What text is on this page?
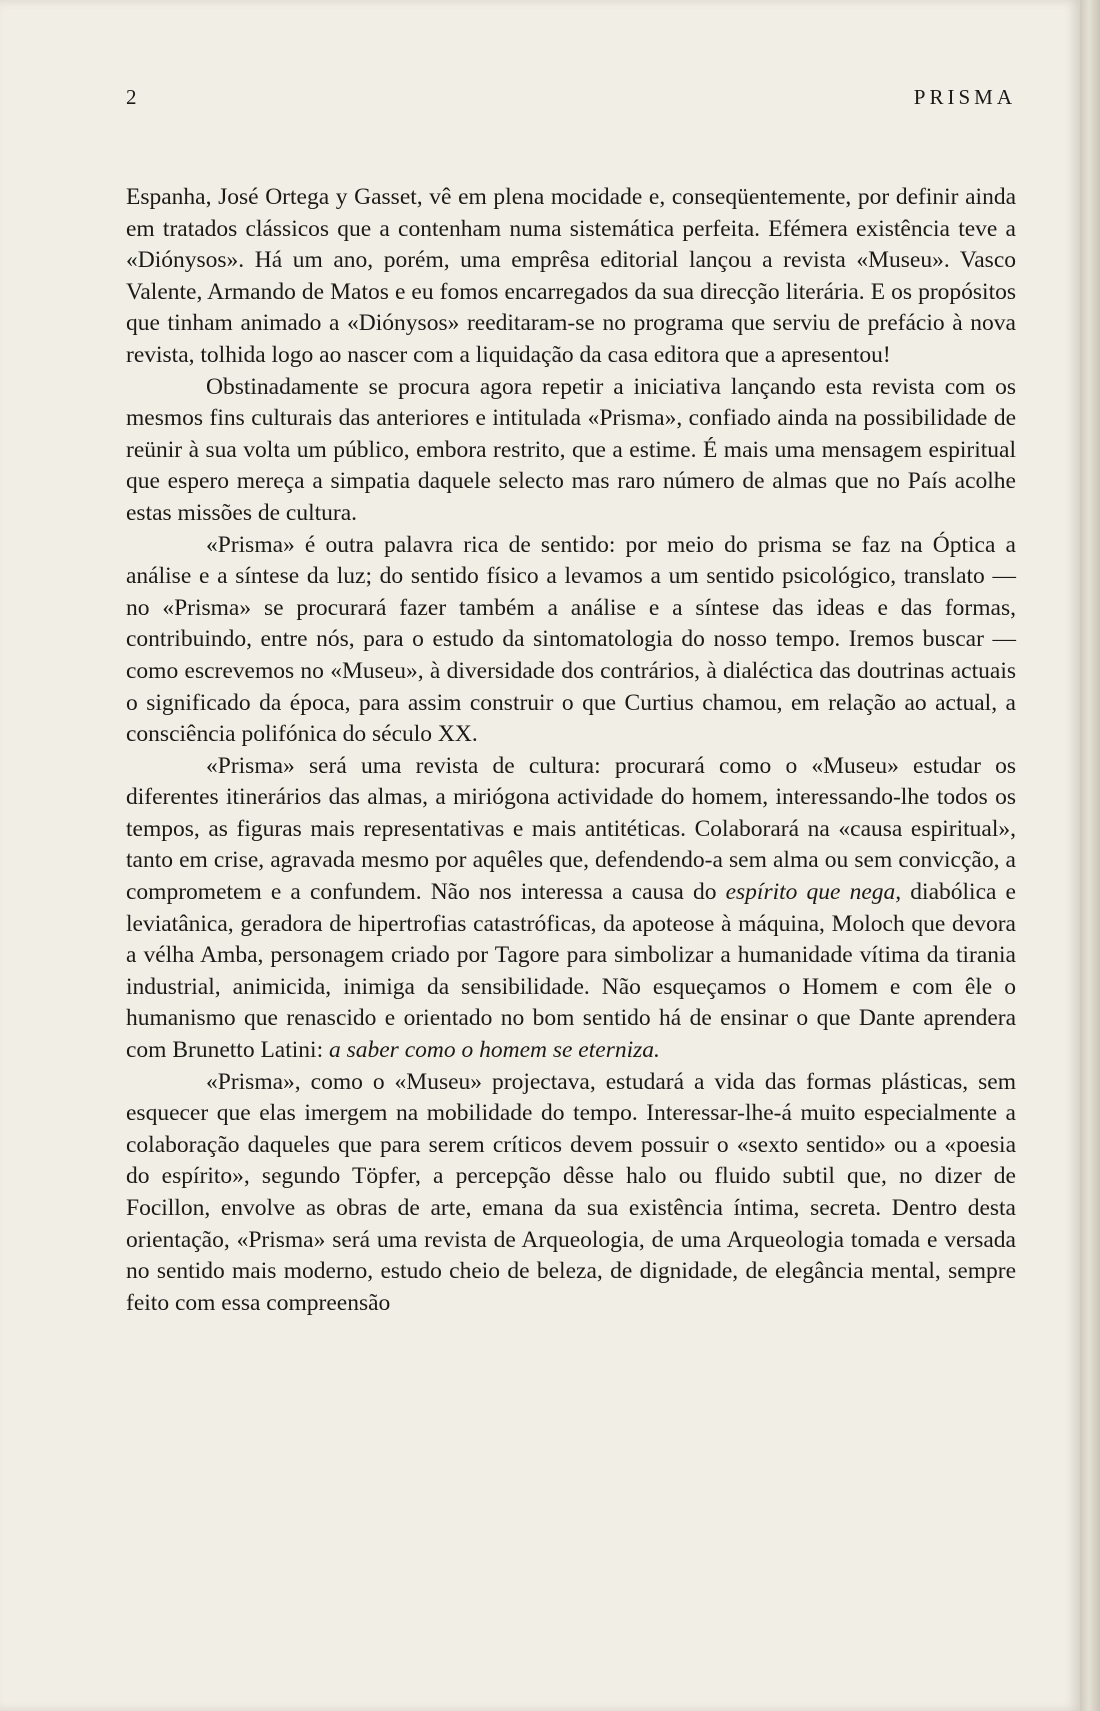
2	PRISMA

Espanha, José Ortega y Gasset, vê em plena mocidade e, conseqüentemente, por definir ainda em tratados clássicos que a contenham numa sistemática perfeita. Efémera existência teve a «Diónysos». Há um ano, porém, uma emprêsa editorial lançou a revista «Museu». Vasco Valente, Armando de Matos e eu fomos encarregados da sua direcção literária. E os propósitos que tinham animado a «Diónysos» reeditaram-se no programa que serviu de prefácio à nova revista, tolhida logo ao nascer com a liquidação da casa editora que a apresentou!

Obstinadamente se procura agora repetir a iniciativa lançando esta revista com os mesmos fins culturais das anteriores e intitulada «Prisma», confiado ainda na possibilidade de reünir à sua volta um público, embora restrito, que a estime. É mais uma mensagem espiritual que espero mereça a simpatia daquele selecto mas raro número de almas que no País acolhe estas missões de cultura.

«Prisma» é outra palavra rica de sentido: por meio do prisma se faz na Óptica a análise e a síntese da luz; do sentido físico a levamos a um sentido psicológico, translato — no «Prisma» se procurará fazer também a análise e a síntese das ideas e das formas, contribuindo, entre nós, para o estudo da sintomatologia do nosso tempo. Iremos buscar — como escrevemos no «Museu», à diversidade dos contrários, à dialéctica das doutrinas actuais o significado da época, para assim construir o que Curtius chamou, em relação ao actual, a consciência polifónica do século XX.

«Prisma» será uma revista de cultura: procurará como o «Museu» estudar os diferentes itinerários das almas, a miriógona actividade do homem, interessando-lhe todos os tempos, as figuras mais representativas e mais antitéticas. Colaborará na «causa espiritual», tanto em crise, agravada mesmo por aquêles que, defendendo-a sem alma ou sem convicção, a comprometem e a confundem. Não nos interessa a causa do espírito que nega, diabólica e leviatânica, geradora de hipertrofias catastróficas, da apoteose à máquina, Moloch que devora a vélha Amba, personagem criado por Tagore para simbolizar a humanidade vítima da tirania industrial, animicida, inimiga da sensibilidade. Não esqueçamos o Homem e com êle o humanismo que renascido e orientado no bom sentido há de ensinar o que Dante aprendera com Brunetto Latini: a saber como o homem se eterniza.

«Prisma», como o «Museu» projectava, estudará a vida das formas plásticas, sem esquecer que elas imergem na mobilidade do tempo. Interessar-lhe-á muito especialmente a colaboração daqueles que para serem críticos devem possuir o «sexto sentido» ou a «poesia do espírito», segundo Töpfer, a percepção dêsse halo ou fluido subtil que, no dizer de Focillon, envolve as obras de arte, emana da sua existência íntima, secreta. Dentro desta orientação, «Prisma» será uma revista de Arqueologia, de uma Arqueologia tomada e versada no sentido mais moderno, estudo cheio de beleza, de dignidade, de elegância mental, sempre feito com essa compreensão
